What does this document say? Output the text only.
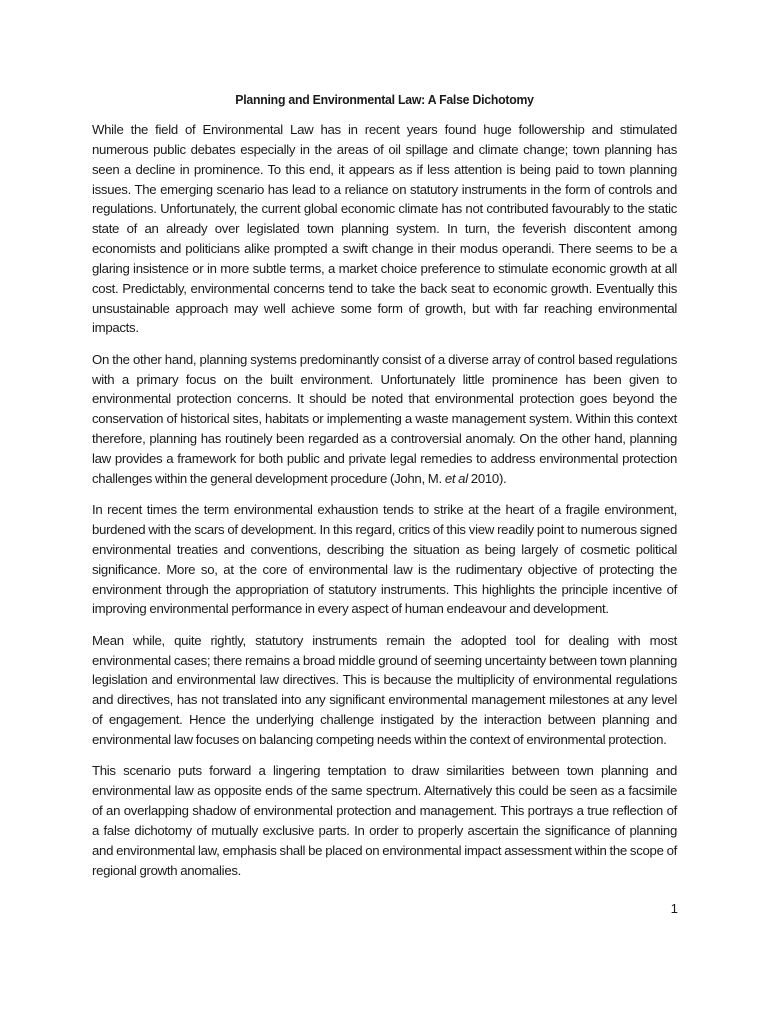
Planning and Environmental Law: A False Dichotomy

While the field of Environmental Law has in recent years found huge followership and stimulated numerous public debates especially in the areas of oil spillage and climate change; town planning has seen a decline in prominence. To this end, it appears as if less attention is being paid to town planning issues. The emerging scenario has lead to a reliance on statutory instruments in the form of controls and regulations. Unfortunately, the current global economic climate has not contributed favourably to the static state of an already over legislated town planning system. In turn, the feverish discontent among economists and politicians alike prompted a swift change in their modus operandi. There seems to be a glaring insistence or in more subtle terms, a market choice preference to stimulate economic growth at all cost. Predictably, environmental concerns tend to take the back seat to economic growth. Eventually this unsustainable approach may well achieve some form of growth, but with far reaching environmental impacts.

On the other hand, planning systems predominantly consist of a diverse array of control based regulations with a primary focus on the built environment. Unfortunately little prominence has been given to environmental protection concerns. It should be noted that environmental protection goes beyond the conservation of historical sites, habitats or implementing a waste management system. Within this context therefore, planning has routinely been regarded as a controversial anomaly. On the other hand, planning law provides a framework for both public and private legal remedies to address environmental protection challenges within the general development procedure (John, M. et al 2010).

In recent times the term environmental exhaustion tends to strike at the heart of a fragile environment, burdened with the scars of development. In this regard, critics of this view readily point to numerous signed environmental treaties and conventions, describing the situation as being largely of cosmetic political significance. More so, at the core of environmental law is the rudimentary objective of protecting the environment through the appropriation of statutory instruments. This highlights the principle incentive of improving environmental performance in every aspect of human endeavour and development.

Mean while, quite rightly, statutory instruments remain the adopted tool for dealing with most environmental cases; there remains a broad middle ground of seeming uncertainty between town planning legislation and environmental law directives. This is because the multiplicity of environmental regulations and directives, has not translated into any significant environmental management milestones at any level of engagement. Hence the underlying challenge instigated by the interaction between planning and environmental law focuses on balancing competing needs within the context of environmental protection.

This scenario puts forward a lingering temptation to draw similarities between town planning and environmental law as opposite ends of the same spectrum. Alternatively this could be seen as a facsimile of an overlapping shadow of environmental protection and management. This portrays a true reflection of a false dichotomy of mutually exclusive parts. In order to properly ascertain the significance of planning and environmental law, emphasis shall be placed on environmental impact assessment within the scope of regional growth anomalies.

1
